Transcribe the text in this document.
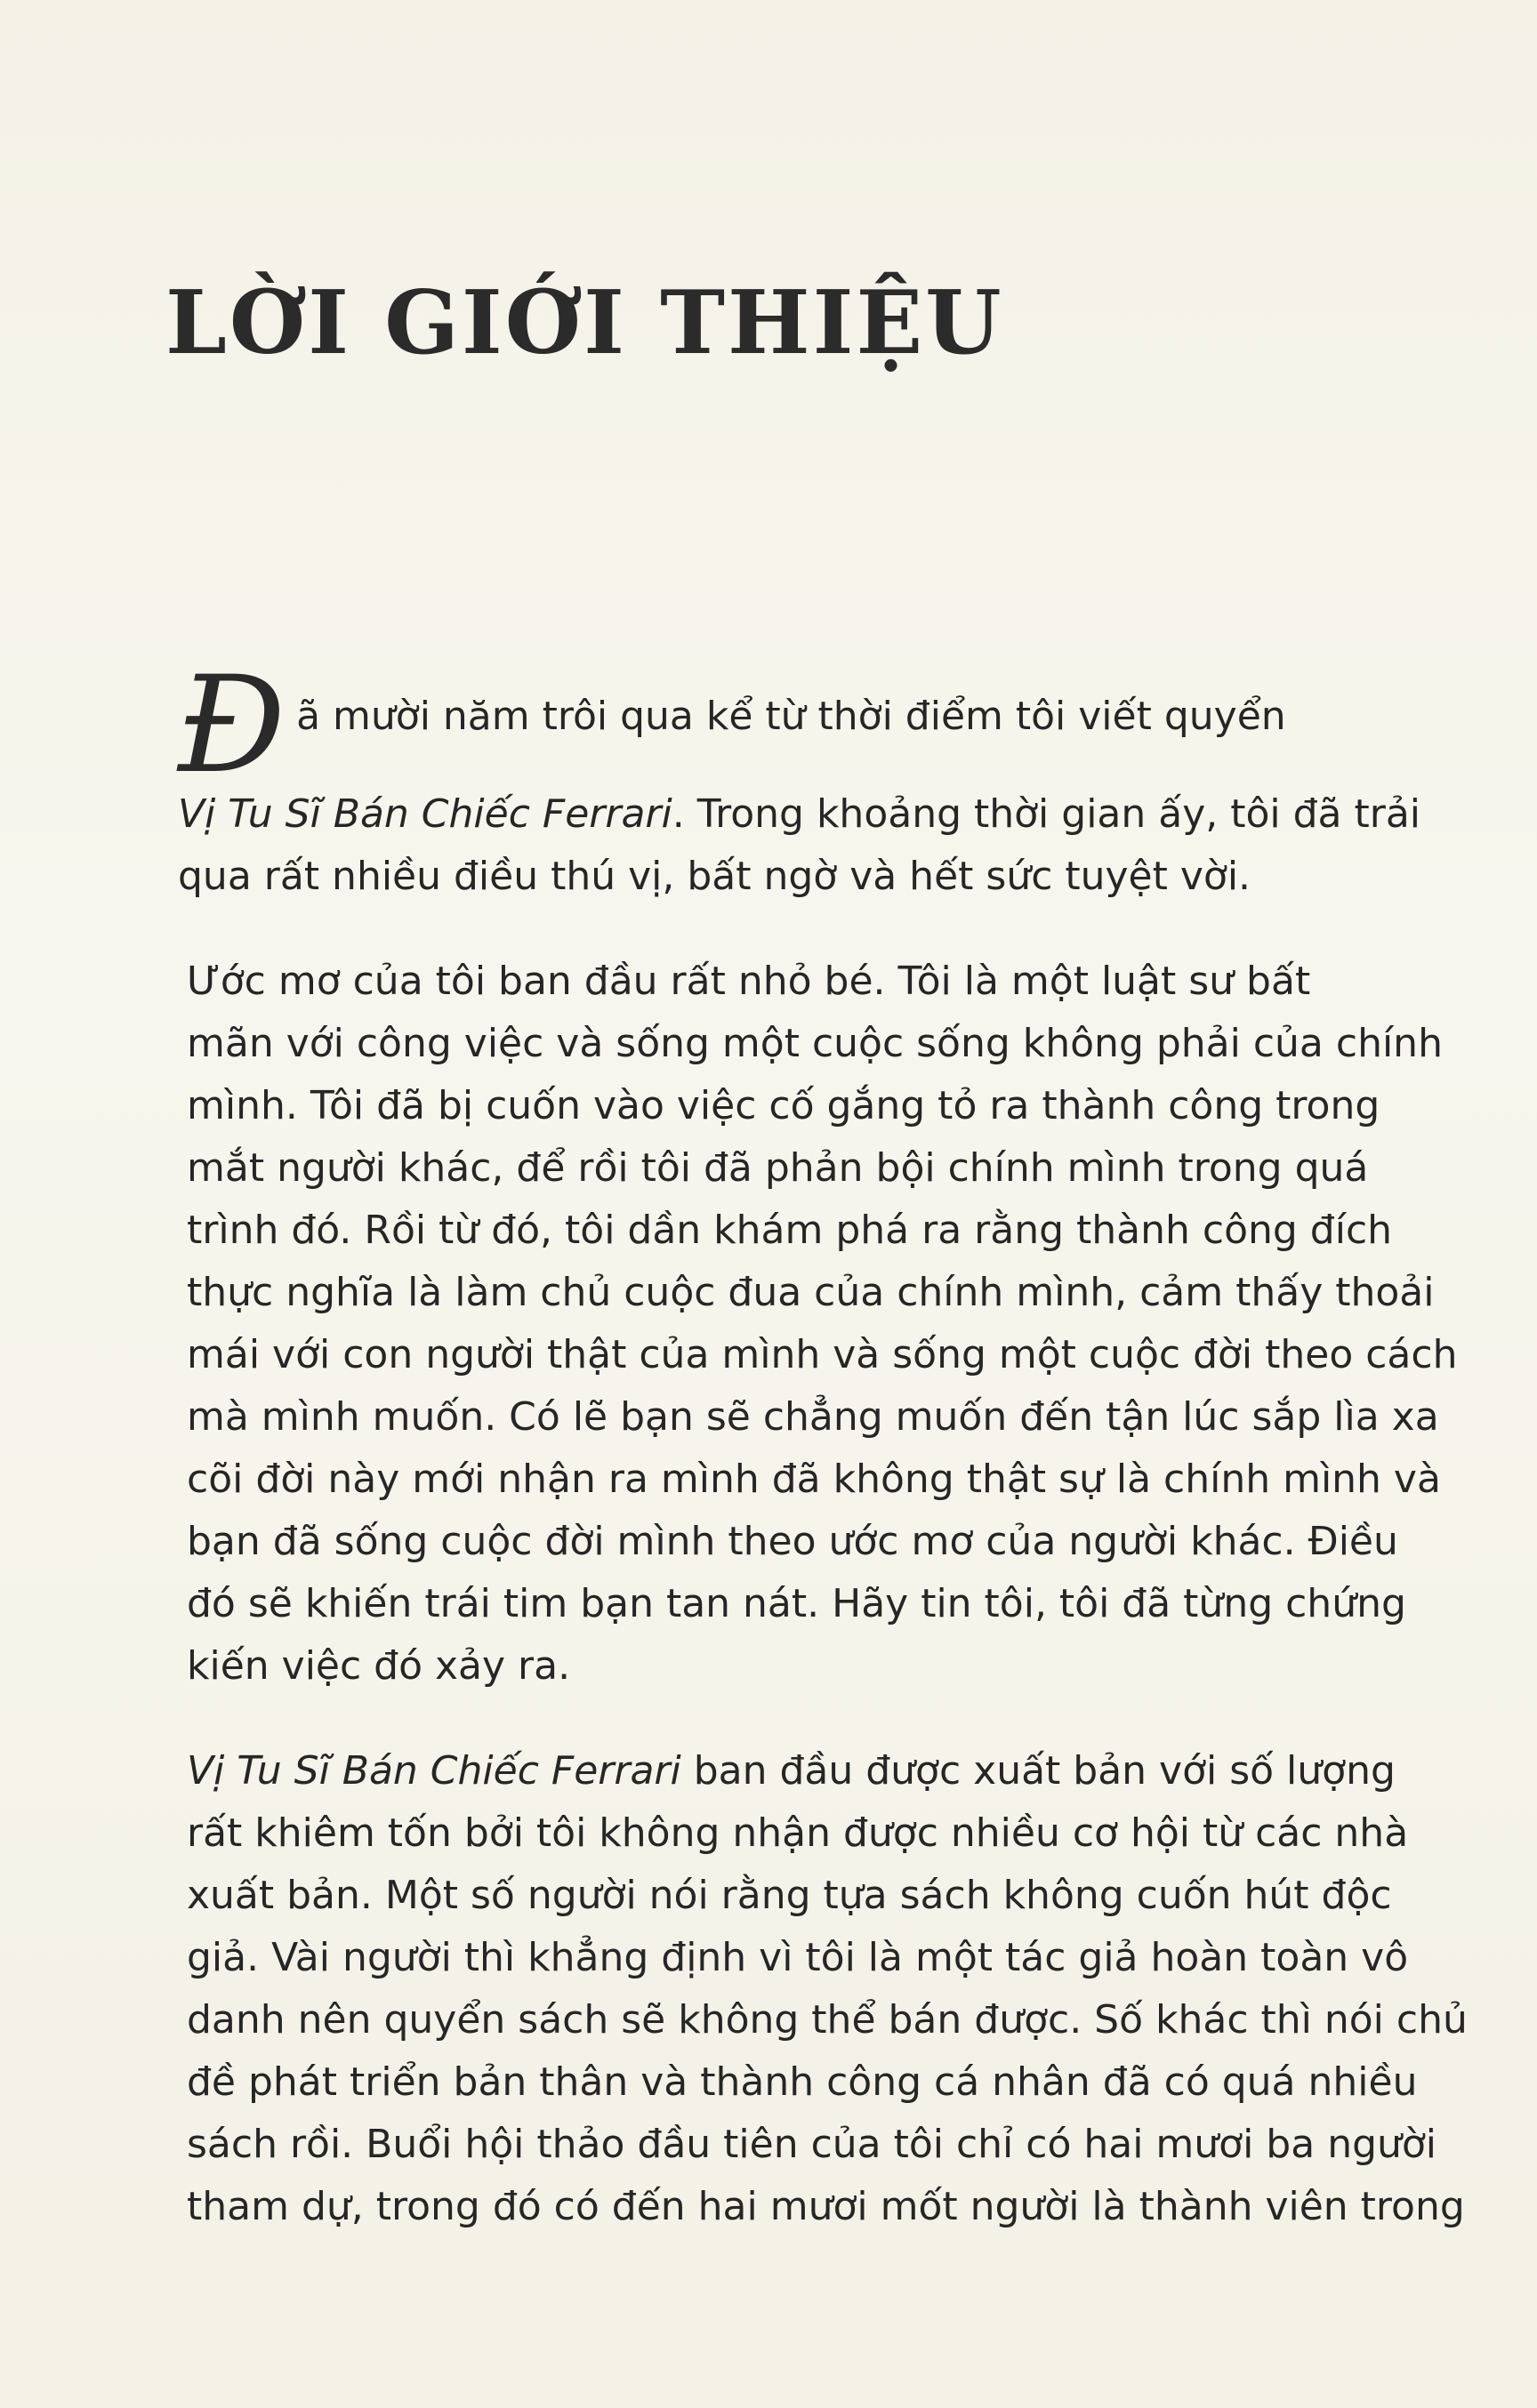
LỜI GIỚI THIỆU
Đ ã mười năm trôi qua kể từ thời điểm tôi viết quyển
Vị Tu Sĩ Bán Chiếc Ferrari. Trong khoảng thời gian ấy, tôi đã trải
qua rất nhiều điều thú vị, bất ngờ và hết sức tuyệt vời.
Ước mơ của tôi ban đầu rất nhỏ bé. Tôi là một luật sư bất
mãn với công việc và sống một cuộc sống không phải của chính
mình. Tôi đã bị cuốn vào việc cố gắng tỏ ra thành công trong
mắt người khác, để rồi tôi đã phản bội chính mình trong quá
trình đó. Rồi từ đó, tôi dần khám phá ra rằng thành công đích
thực nghĩa là làm chủ cuộc đua của chính mình, cảm thấy thoải
mái với con người thật của mình và sống một cuộc đời theo cách
mà mình muốn. Có lẽ bạn sẽ chẳng muốn đến tận lúc sắp lìa xa
cõi đời này mới nhận ra mình đã không thật sự là chính mình và
bạn đã sống cuộc đời mình theo ước mơ của người khác. Điều
đó sẽ khiến trái tim bạn tan nát. Hãy tin tôi, tôi đã từng chứng
kiến việc đó xảy ra.
Vị Tu Sĩ Bán Chiếc Ferrari ban đầu được xuất bản với số lượng
rất khiêm tốn bởi tôi không nhận được nhiều cơ hội từ các nhà
xuất bản. Một số người nói rằng tựa sách không cuốn hút độc
giả. Vài người thì khẳng định vì tôi là một tác giả hoàn toàn vô
danh nên quyển sách sẽ không thể bán được. Số khác thì nói chủ
đề phát triển bản thân và thành công cá nhân đã có quá nhiều
sách rồi. Buổi hội thảo đầu tiên của tôi chỉ có hai mươi ba người
tham dự, trong đó có đến hai mươi mốt người là thành viên trong
